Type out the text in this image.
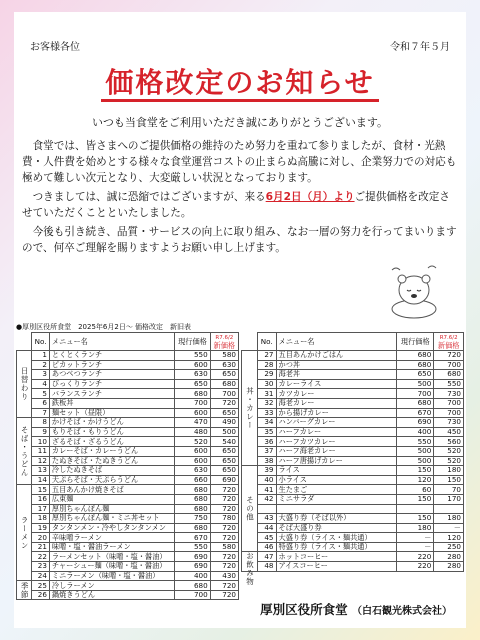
お客様各位	令和７年５月
価格改定のお知らせ
いつも当食堂をご利用いただき誠にありがとうございます。
　食堂では、皆さまへのご提供価格の維持のため努力を重ねて参りましたが、食材・光熱費・人件費を始めとする様々な食堂運営コストの止まらぬ高騰に対し、企業努力での対応も極めて難しい次元となり、大変厳しい状況となっております。
　つきましては、誠に恐縮ではございますが、来る6月2日（月）よりご提供価格を改定させていただくことといたしました。
　今後も引き続き、品質・サービスの向上に取り組み、なお一層の努力を行ってまいりますので、何卒ご理解を賜りますようお願い申し上げます。
●厚別区役所食堂　2025年6月2日～ 価格改定　新旧表
	No.	メニュー名	現行価格	R7.6/2
新価格
日替わり	1	とくとくランチ	550	580
	2	ピカットランチ	600	630
	3	あつべつランチ	630	650
	4	びっくりランチ	650	680
	5	バランスランチ	680	700
	6	鉄板丼	700	720
	7	麺セット（昼限）	600	650
そば・うどん	8	かけそば・かけうどん	470	490
	9	もりそば・もりうどん	480	500
	10	ざるそば・ざるうどん	520	540
	11	カレーそば・カレーうどん	600	650
	12	たぬきそば・たぬきうどん	600	650
	13	冷したぬきそば	630	650
	14	天ぷらそば・天ぷらうどん	660	690
ラーメン	15	五目あんかけ焼きそば	680	720
	16	広東麺	680	720
	17	厚別ちゃんぽん麺	680	720
	18	厚別ちゃんぽん麺・ミニ丼セット	750	780
	19	タンタンメン・冷やしタンタンメン	680	720
	20	辛味噌ラーメン	670	720
	21	味噌・塩・醤油ラーメン	550	580
	22	ラーメンセット（味噌・塩・醤油）	690	720
	23	チャーシュー麺（味噌・塩・醤油）	690	720
	24	ミニラーメン（味噌・塩・醤油）	400	430
季節	25	冷しラーメン	680	720
	26	鍋焼きうどん	700	720
	No.	メニュー名	現行価格	R7.6/2
新価格
丼・カレー	27	五目あんかけごはん	680	720
	28	かつ丼	680	700
	29	海老丼	650	680
	30	カレーライス	500	550
	31	カツカレー	700	730
	32	海老カレー	680	700
	33	から揚げカレー	670	700
	34	ハンバーグカレー	690	730
	35	ハーフカレー	400	450
	36	ハーフカツカレー	550	560
	37	ハーフ海老カレー	500	520
	38	ハーフ唐揚げカレー	500	520
その他	39	ライス	150	180
	40	小ライス	120	150
	41	生たまご	60	70
	42	ミニサラダ	150	170

	43	大盛り券（そば以外）	150	180
	44	そば大盛り券	180	－
	45	大盛り券（ライス・麺共通）	－	120
	46	特盛り券（ライス・麺共通）	－	250
お飲み物	47	ホットコーヒー	220	280
	48	アイスコーヒー	220	280
厚別区役所食堂 （白石観光株式会社）
